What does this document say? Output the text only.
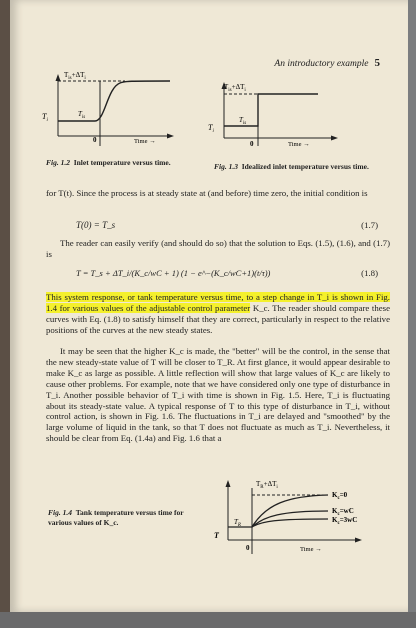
An introductory example 5
$T_{is}+\Delta T_i$
$T_i$
$T_{is}$
0	Time →
Fig. 1.2 Inlet temperature versus time.
$T_{is}+\Delta T_i$
$T_i$
$T_{is}$
0	Time →
Fig. 1.3 Idealized inlet temperature versus time.

for T(t). Since the process is at steady state at (and before) time zero, the initial condition is

T(0) = T_s	(1.7)

The reader can easily verify (and should do so) that the solution to Eqs. (1.5), (1.6), and (1.7) is

T = T_s + ΔT_i/(K_c/wC + 1) (1 − e^−(K_c/wC+1)(t/τ))	(1.8)

This system response, or tank temperature versus time, to a step change in T_i is shown in Fig. 1.4 for various values of the adjustable control parameter K_c. The reader should compare these curves with Eq. (1.8) to satisfy himself that they are correct, particularly in respect to the relative positions of the curves at the new steady states.

It may be seen that the higher K_c is made, the "better" will be the control, in the sense that the new steady-state value of T will be closer to T_R. At first glance, it would appear desirable to make K_c as large as possible. A little reflection will show that large values of K_c are likely to cause other problems. For example, note that we have considered only one type of disturbance in T_i. Another possible behavior of T_i with time is shown in Fig. 1.5. Here, T_i is fluctuating about its steady-state value. A typical response of T to this type of disturbance in T_i, without control action, is shown in Fig. 1.6. The fluctuations in T_i are delayed and "smoothed" by the large volume of liquid in the tank, so that T does not fluctuate as much as T_i. Nevertheless, it should be clear from Eq. (1.4a) and Fig. 1.6 that a

Fig. 1.4 Tank temperature versus time for various values of K_c.
$T_R+\Delta T_i$
T
$T_R$
0	Time →
$K_c=0$
$K_c=wC$
$K_c=3wC$
